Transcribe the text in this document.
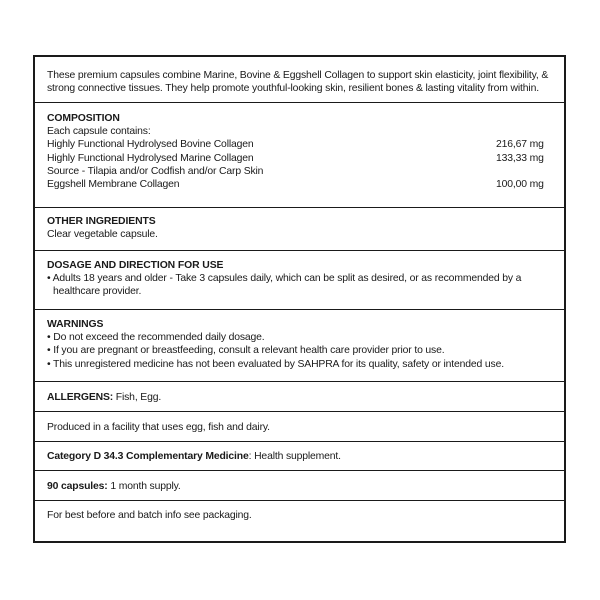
These premium capsules combine Marine, Bovine & Eggshell Collagen to support skin elasticity, joint flexibility, &
strong connective tissues. They help promote youthful-looking skin, resilient bones & lasting vitality from within.
COMPOSITION
Each capsule contains:
Highly Functional Hydrolysed Bovine Collagen	216,67 mg
Highly Functional Hydrolysed Marine Collagen	133,33 mg
Source - Tilapia and/or Codfish and/or Carp Skin
Eggshell Membrane Collagen	100,00 mg
OTHER INGREDIENTS
Clear vegetable capsule.
DOSAGE AND DIRECTION FOR USE
• Adults 18 years and older - Take 3 capsules daily, which can be split as desired, or as recommended by a
healthcare provider.
WARNINGS
• Do not exceed the recommended daily dosage.
• If you are pregnant or breastfeeding, consult a relevant health care provider prior to use.
• This unregistered medicine has not been evaluated by SAHPRA for its quality, safety or intended use.
ALLERGENS: Fish, Egg.
Produced in a facility that uses egg, fish and dairy.
Category D 34.3 Complementary Medicine: Health supplement.
90 capsules: 1 month supply.
For best before and batch info see packaging.
